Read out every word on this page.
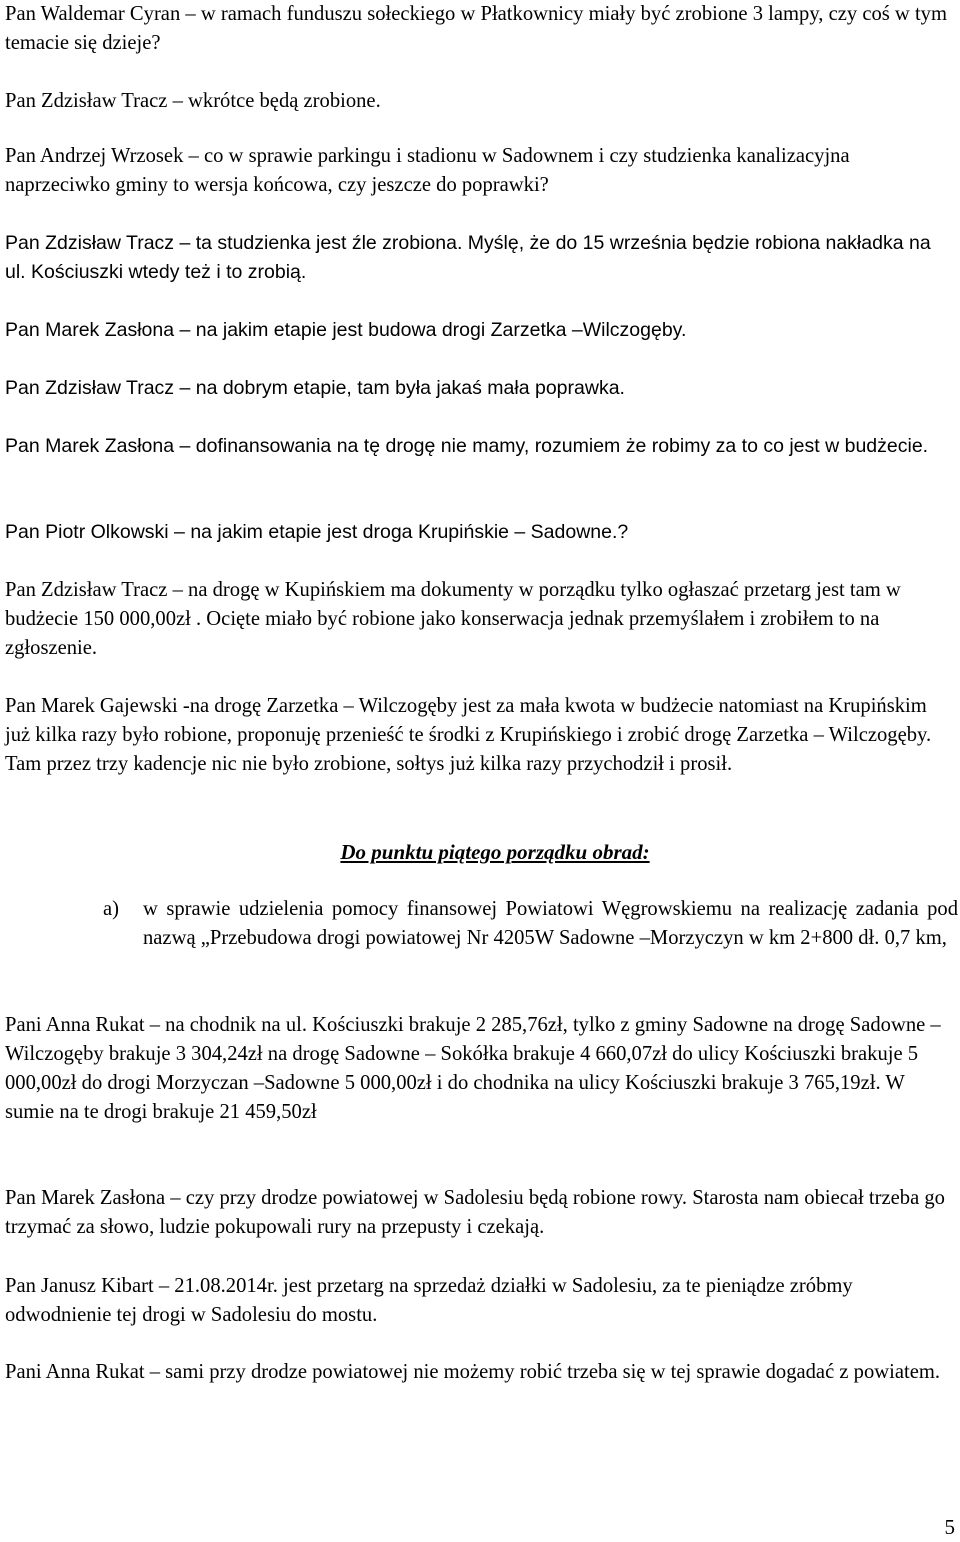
Pan Waldemar Cyran – w ramach funduszu sołeckiego w Płatkownicy miały być zrobione 3 lampy, czy coś w tym temacie się dzieje?

Pan Zdzisław Tracz – wkrótce będą zrobione.

Pan Andrzej Wrzosek – co w sprawie parkingu i stadionu w Sadownem i czy studzienka kanalizacyjna naprzeciwko gminy to wersja końcowa, czy jeszcze do poprawki?

Pan Zdzisław Tracz – ta studzienka jest źle zrobiona. Myślę, że do 15 września będzie robiona nakładka na ul. Kościuszki wtedy też i to zrobią.

Pan Marek Zasłona – na jakim etapie jest budowa drogi Zarzetka –Wilczogęby.

Pan Zdzisław Tracz – na dobrym etapie, tam była jakaś mała poprawka.

Pan Marek Zasłona – dofinansowania na tę drogę nie mamy, rozumiem że robimy za to co jest w budżecie.

Pan Piotr Olkowski – na jakim etapie jest droga Krupińskie – Sadowne.?

Pan Zdzisław Tracz – na drogę w Kupińskiem ma dokumenty w porządku tylko ogłaszać przetarg jest tam w budżecie 150 000,00zł . Ocięte miało być robione jako konserwacja jednak przemyślałem i zrobiłem to na zgłoszenie.

Pan Marek Gajewski -na drogę Zarzetka – Wilczogęby jest za mała kwota w budżecie natomiast na Krupińskim już kilka razy było robione, proponuję przenieść te środki z Krupińskiego i zrobić drogę Zarzetka – Wilczogęby. Tam przez trzy kadencje nic nie było zrobione, sołtys już kilka razy przychodził i prosił.

Do punktu piątego porządku obrad:
a) w sprawie udzielenia pomocy finansowej Powiatowi Węgrowskiemu na realizację zadania pod nazwą „Przebudowa drogi powiatowej Nr 4205W Sadowne –Morzyczyn w km 2+800 dł. 0,7 km,

Pani Anna Rukat – na chodnik na ul. Kościuszki brakuje 2 285,76zł, tylko z gminy Sadowne na drogę Sadowne – Wilczogęby brakuje 3 304,24zł na drogę Sadowne – Sokółka brakuje 4 660,07zł do ulicy Kościuszki brakuje 5 000,00zł do drogi Morzyczan –Sadowne 5 000,00zł i do chodnika na ulicy Kościuszki brakuje 3 765,19zł. W sumie na te drogi brakuje 21 459,50zł

Pan Marek Zasłona – czy przy drodze powiatowej w Sadolesiu będą robione rowy. Starosta nam obiecał trzeba go trzymać za słowo, ludzie pokupowali rury na przepusty i czekają.

Pan Janusz Kibart – 21.08.2014r. jest przetarg na sprzedaż działki w Sadolesiu, za te pieniądze zróbmy odwodnienie tej drogi w Sadolesiu do mostu.

Pani Anna Rukat – sami przy drodze powiatowej nie możemy robić trzeba się w tej sprawie dogadać z powiatem.

5
